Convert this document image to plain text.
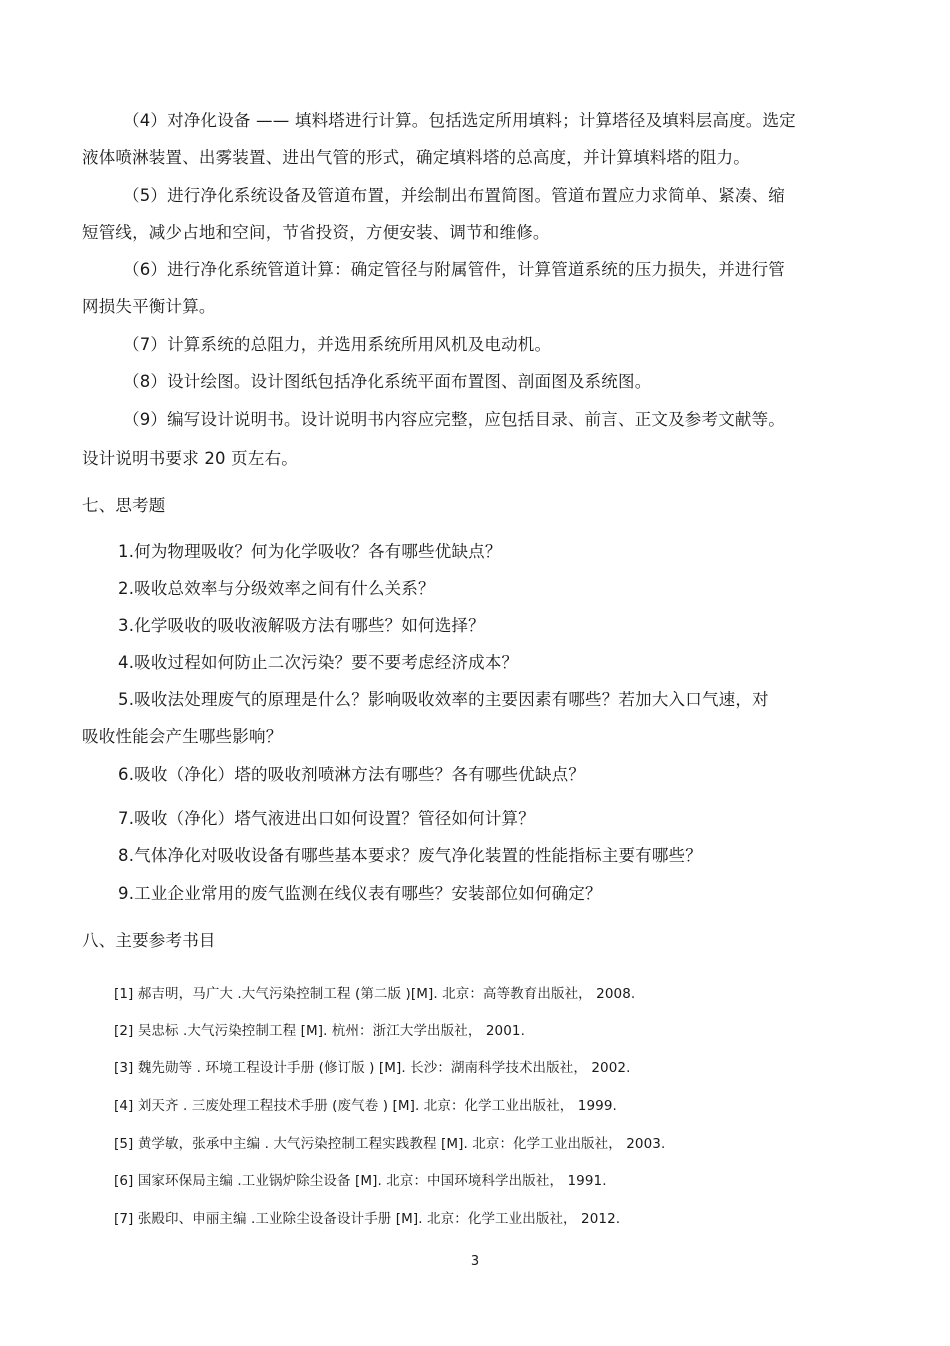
（4）对净化设备 —— 填料塔进行计算。包括选定所用填料；计算塔径及填料层高度。选定
液体喷淋装置、出雾装置、进出气管的形式，确定填料塔的总高度，并计算填料塔的阻力。
（5）进行净化系统设备及管道布置，并绘制出布置简图。管道布置应力求简单、紧凑、缩
短管线，减少占地和空间，节省投资，方便安装、调节和维修。
（6）进行净化系统管道计算：确定管径与附属管件，计算管道系统的压力损失，并进行管
网损失平衡计算。
（7）计算系统的总阻力，并选用系统所用风机及电动机。
（8）设计绘图。设计图纸包括净化系统平面布置图、剖面图及系统图。
（9）编写设计说明书。设计说明书内容应完整，应包括目录、前言、正文及参考文献等。
设计说明书要求 20 页左右。
七、思考题
1.何为物理吸收？何为化学吸收？各有哪些优缺点？
2.吸收总效率与分级效率之间有什么关系？
3.化学吸收的吸收液解吸方法有哪些？如何选择？
4.吸收过程如何防止二次污染？要不要考虑经济成本？
5.吸收法处理废气的原理是什么？影响吸收效率的主要因素有哪些？若加大入口气速，对
吸收性能会产生哪些影响？
6.吸收（净化）塔的吸收剂喷淋方法有哪些？各有哪些优缺点？
7.吸收（净化）塔气液进出口如何设置？管径如何计算？
8.气体净化对吸收设备有哪些基本要求？废气净化装置的性能指标主要有哪些？
9.工业企业常用的废气监测在线仪表有哪些？安装部位如何确定？
八、主要参考书目
[1] 郝吉明，马广大 .大气污染控制工程 (第二版 )[M]. 北京：高等教育出版社， 2008.
[2] 吴忠标 .大气污染控制工程 [M]. 杭州：浙江大学出版社， 2001.
[3] 魏先勋等 . 环境工程设计手册 (修订版 ) [M]. 长沙：湖南科学技术出版社， 2002.
[4] 刘天齐 . 三废处理工程技术手册 (废气卷 ) [M]. 北京：化学工业出版社， 1999.
[5] 黄学敏，张承中主编 . 大气污染控制工程实践教程 [M]. 北京：化学工业出版社， 2003.
[6] 国家环保局主编 .工业锅炉除尘设备 [M]. 北京：中国环境科学出版社， 1991.
[7] 张殿印、申丽主编 .工业除尘设备设计手册 [M]. 北京：化学工业出版社， 2012.
3
